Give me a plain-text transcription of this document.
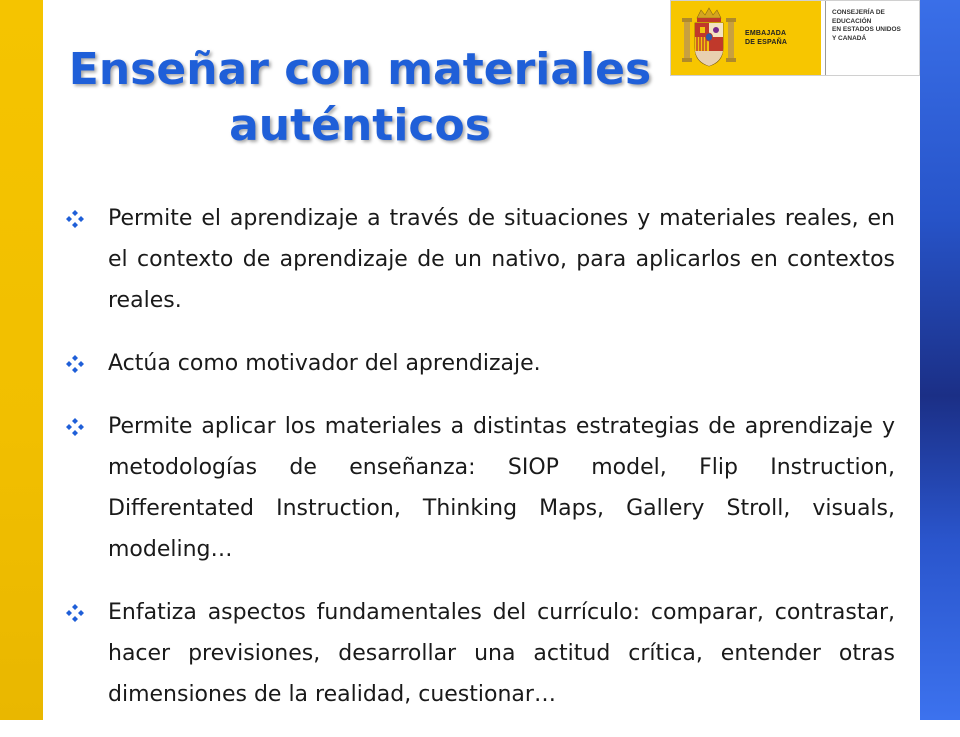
Enseñar con materiales
auténticos
EMBAJADA
DE ESPAÑA
CONSEJERÍA DE EDUCACIÓN
EN ESTADOS UNIDOS
Y CANADÁ
Permite el aprendizaje a través de situaciones y materiales reales, en el contexto de aprendizaje de un nativo, para aplicarlos en contextos reales.
Actúa como motivador del aprendizaje.
Permite aplicar los materiales a distintas estrategias de aprendizaje y metodologías de enseñanza: SIOP model, Flip Instruction, Differentated Instruction, Thinking Maps, Gallery Stroll, visuals, modeling…
Enfatiza aspectos fundamentales del currículo: comparar, contrastar, hacer previsiones, desarrollar una actitud crítica, entender otras dimensiones de la realidad, cuestionar…
